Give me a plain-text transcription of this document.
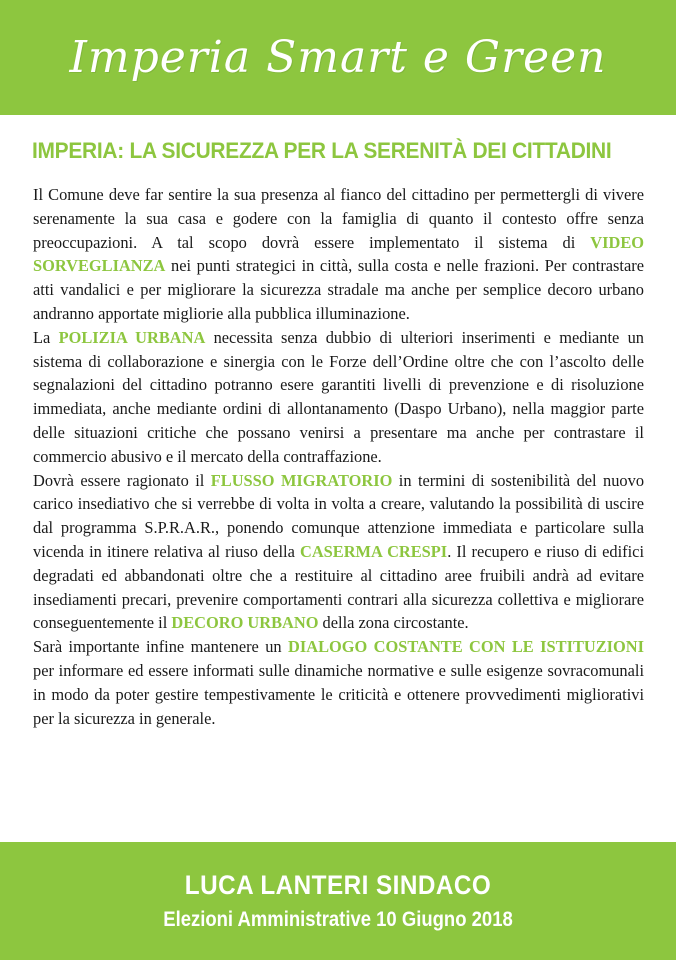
Imperia Smart e Green
IMPERIA: LA SICUREZZA PER LA SERENITÀ DEI CITTADINI

Il Comune deve far sentire la sua presenza al fianco del cittadino per permettergli di vivere serenamente la sua casa e godere con la famiglia di quanto il contesto offre senza preoccupazioni. A tal scopo dovrà essere implementato il sistema di VIDEO SORVEGLIANZA nei punti strategici in città, sulla costa e nelle frazioni. Per contrastare atti vandalici e per migliorare la sicurezza stradale ma anche per semplice decoro urbano andranno apportate migliorie alla pubblica illuminazione.

La POLIZIA URBANA necessita senza dubbio di ulteriori inserimenti e mediante un sistema di collaborazione e sinergia con le Forze dell’Ordine oltre che con l’ascolto delle segnalazioni del cittadino potranno esere garantiti livelli di prevenzione e di risoluzione immediata, anche mediante ordini di allontanamento (Daspo Urbano), nella maggior parte delle situazioni critiche che possano venirsi a presentare ma anche per contrastare il commercio abusivo e il mercato della contraffazione.

Dovrà essere ragionato il FLUSSO MIGRATORIO in termini di sostenibilità del nuovo carico insediativo che si verrebbe di volta in volta a creare, valutando la possibilità di uscire dal programma S.P.R.A.R., ponendo comunque attenzione immediata e particolare sulla vicenda in itinere relativa al riuso della CASERMA CRESPI. Il recupero e riuso di edifici degradati ed abbandonati oltre che a restituire al cittadino aree fruibili andrà ad evitare insediamenti precari, prevenire comportamenti contrari alla sicurezza collettiva e migliorare conseguentemente il DECORO URBANO della zona circostante.

Sarà importante infine mantenere un DIALOGO COSTANTE CON LE ISTITUZIONI per informare ed essere informati sulle dinamiche normative e sulle esigenze sovracomunali in modo da poter gestire tempestivamente le criticità e ottenere provvedimenti migliorativi per la sicurezza in generale.

LUCA LANTERI SINDACO
Elezioni Amministrative 10 Giugno 2018
